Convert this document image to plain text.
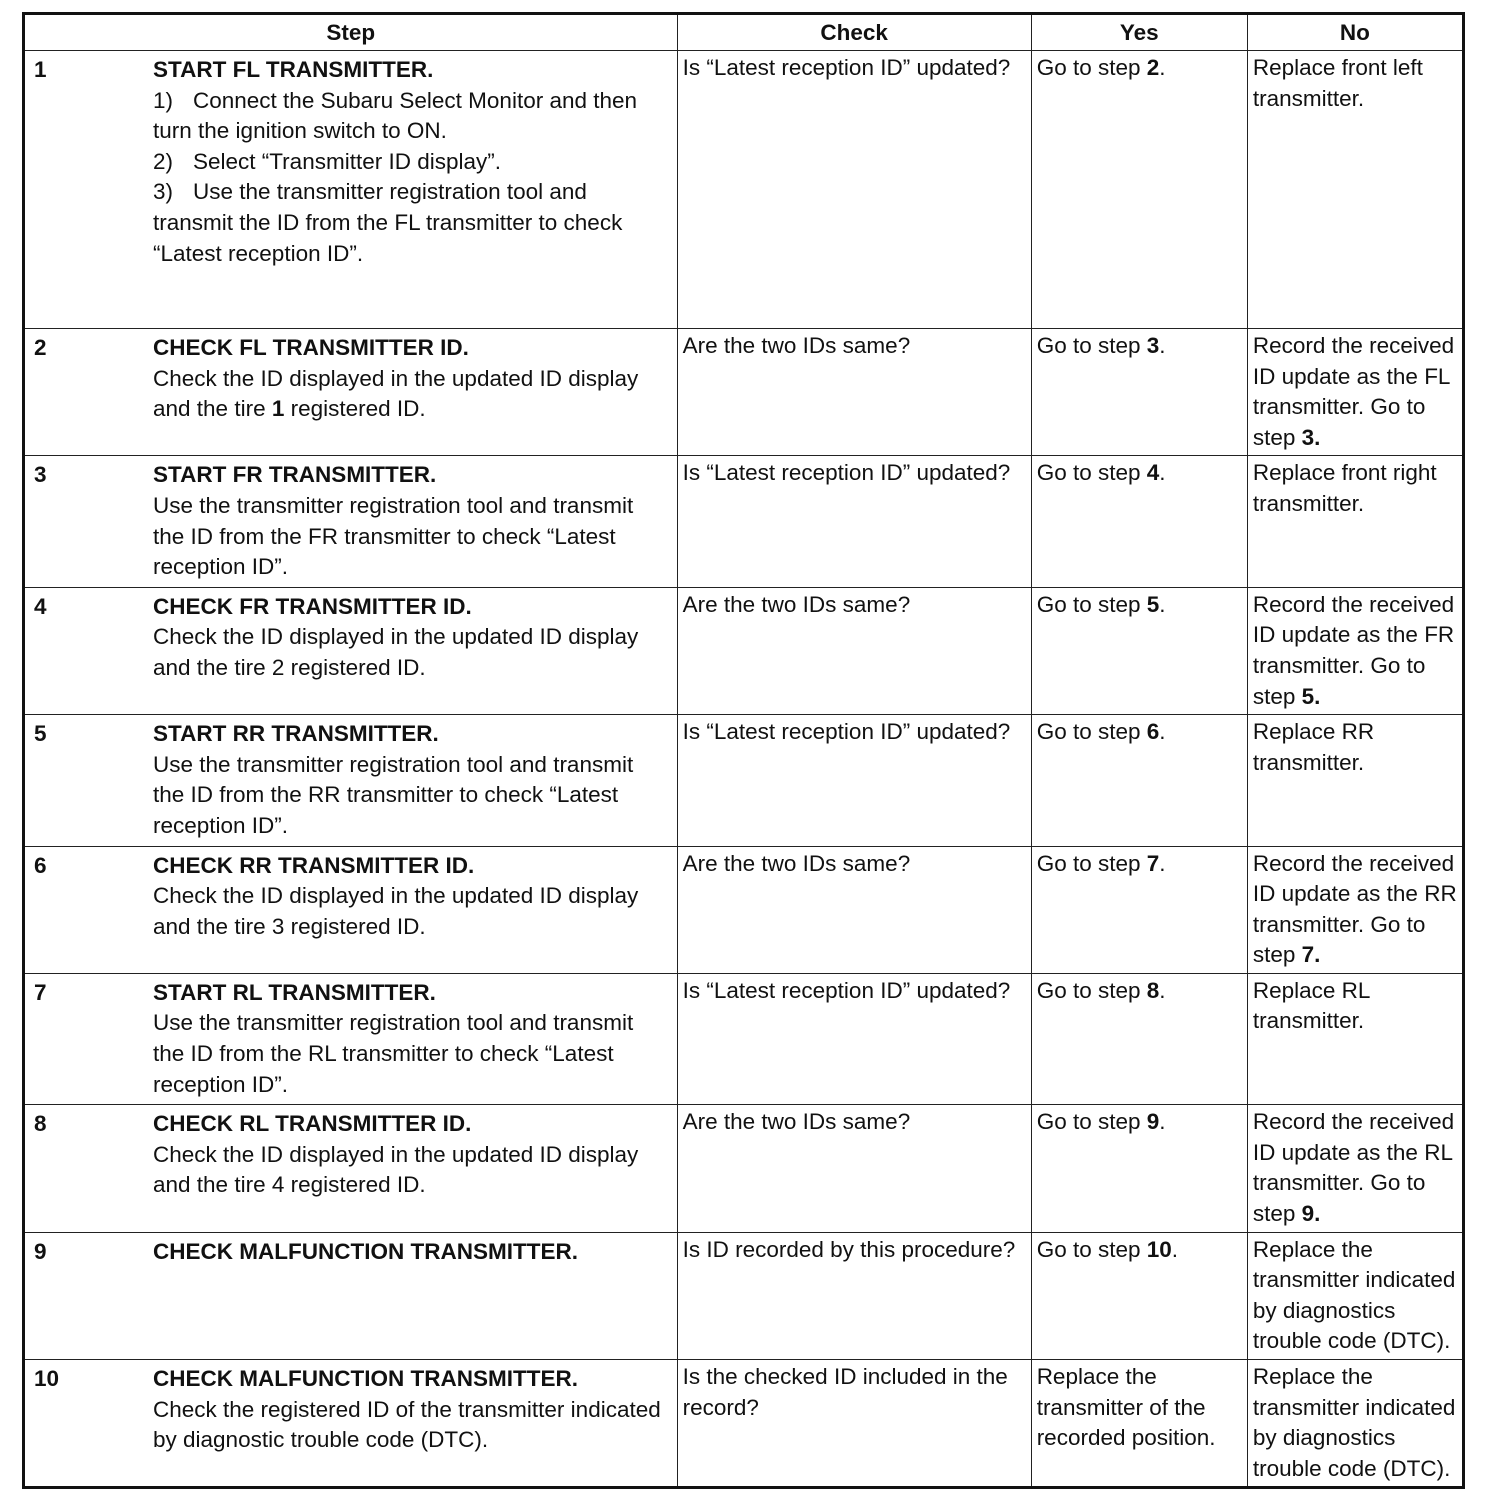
Step	Check	Yes	No

1 START FL TRANSMITTER.
1) Connect the Subaru Select Monitor and then turn the ignition switch to ON.
2) Select “Transmitter ID display”.
3) Use the transmitter registration tool and transmit the ID from the FL transmitter to check “Latest reception ID”.	Is “Latest reception ID” updated?	Go to step 2.	Replace front left transmitter.

2 CHECK FL TRANSMITTER ID.
Check the ID displayed in the updated ID display and the tire 1 registered ID.	Are the two IDs same?	Go to step 3.	Record the received ID update as the FL transmitter. Go to step 3.

3 START FR TRANSMITTER.
Use the transmitter registration tool and transmit the ID from the FR transmitter to check “Latest reception ID”.	Is “Latest reception ID” updated?	Go to step 4.	Replace front right transmitter.

4 CHECK FR TRANSMITTER ID.
Check the ID displayed in the updated ID display and the tire 2 registered ID.	Are the two IDs same?	Go to step 5.	Record the received ID update as the FR transmitter. Go to step 5.

5 START RR TRANSMITTER.
Use the transmitter registration tool and transmit the ID from the RR transmitter to check “Latest reception ID”.	Is “Latest reception ID” updated?	Go to step 6.	Replace RR transmitter.

6 CHECK RR TRANSMITTER ID.
Check the ID displayed in the updated ID display and the tire 3 registered ID.	Are the two IDs same?	Go to step 7.	Record the received ID update as the RR transmitter. Go to step 7.

7 START RL TRANSMITTER.
Use the transmitter registration tool and transmit the ID from the RL transmitter to check “Latest reception ID”.	Is “Latest reception ID” updated?	Go to step 8.	Replace RL transmitter.

8 CHECK RL TRANSMITTER ID.
Check the ID displayed in the updated ID display and the tire 4 registered ID.	Are the two IDs same?	Go to step 9.	Record the received ID update as the RL transmitter. Go to step 9.

9 CHECK MALFUNCTION TRANSMITTER.	Is ID recorded by this procedure?	Go to step 10.	Replace the transmitter indicated by diagnostics trouble code (DTC).

10 CHECK MALFUNCTION TRANSMITTER.
Check the registered ID of the transmitter indicated by diagnostic trouble code (DTC).	Is the checked ID included in the record?	Replace the transmitter of the recorded position.	Replace the transmitter indicated by diagnostics trouble code (DTC).
